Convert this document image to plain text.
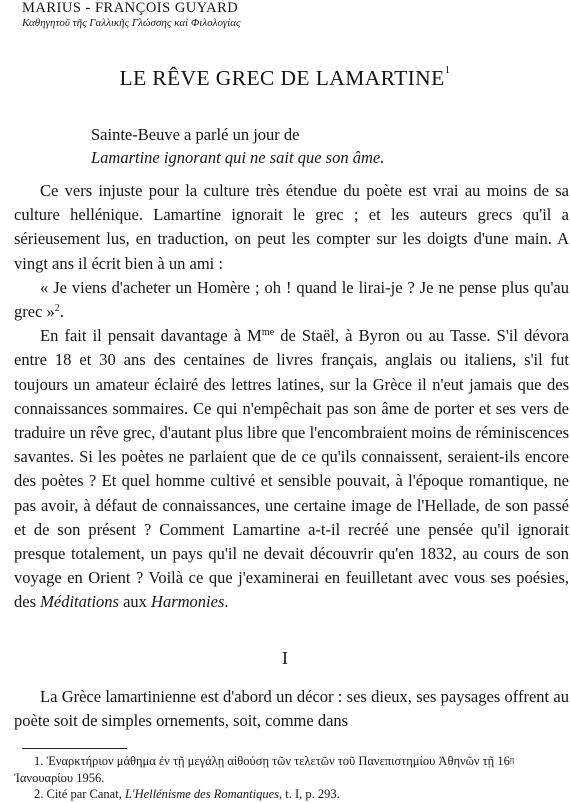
MARIUS - FRANÇOIS GUYARD
Καθηγητοῦ τῆς Γαλλικῆς Γλώσσης καὶ Φιλολογίας
LE RÊVE GREC DE LAMARTINE$^1$
Sainte-Beuve a parlé un jour de
Lamartine ignorant qui ne sait que son âme.

Ce vers injuste pour la culture très étendue du poète est vrai au moins de sa culture hellénique. Lamartine ignorait le grec ; et les auteurs grecs qu'il a sérieusement lus, en traduction, on peut les compter sur les doigts d'une main. A vingt ans il écrit bien à un ami :

« Je viens d'acheter un Homère ; oh ! quand le lirai-je ? Je ne pense plus qu'au grec »$^2$.

En fait il pensait davantage à $M^{me}$ de Staël, à Byron ou au Tasse. S'il dévora entre 18 et 30 ans des centaines de livres français, anglais ou italiens, s'il fut toujours un amateur éclairé des lettres latines, sur la Grèce il n'eut jamais que des connaissances sommaires. Ce qui n'empêchait pas son âme de porter et ses vers de traduire un rêve grec, d'autant plus libre que l'encombraient moins de réminiscences savantes. Si les poètes ne parlaient que de ce qu'ils connaissent, seraient-ils encore des poètes ? Et quel homme cultivé et sensible pouvait, à l'époque romantique, ne pas avoir, à défaut de connaissances, une certaine image de l'Hellade, de son passé et de son présent ? Comment Lamartine a-t-il recréé une pensée qu'il ignorait presque totalement, un pays qu'il ne devait découvrir qu'en 1832, au cours de son voyage en Orient ? Voilà ce que j'examinerai en feuilletant avec vous ses poésies, des Méditations aux Harmonies.

I

La Grèce lamartinienne est d'abord un décor : ses dieux, ses paysages offrent au poète soit de simples ornements, soit, comme dans

1. Ἐναρκτήριον μάθημα ἐν τῇ μεγάλῃ αἰθούσῃ τῶν τελετῶν τοῦ Πανεπιστημίου Ἀθηνῶν τῇ $16^ῃ$ Ἰανουαρίου 1956.
2. Cité par Canat, L'Hellénisme des Romantiques, t. I, p. 293.
